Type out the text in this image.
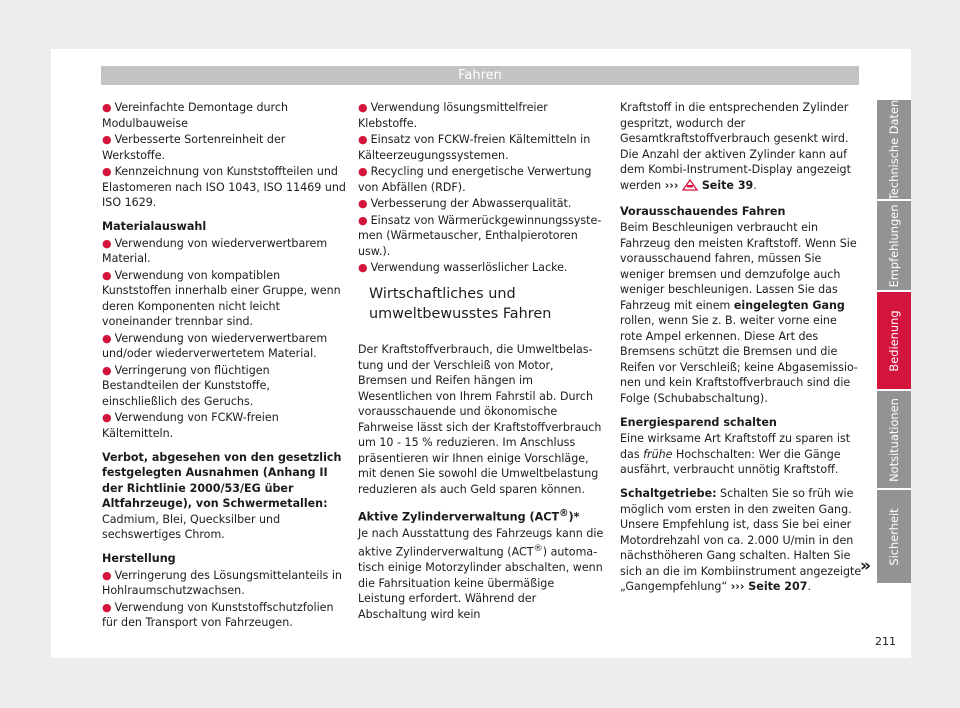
Fahren

● Vereinfachte Demontage durch Modulbauweise

● Verbesserte Sortenreinheit der Werkstoffe.

● Kennzeichnung von Kunststoffteilen und Elastomeren nach ISO 1043, ISO 11469 und ISO 1629.

Materialauswahl

● Verwendung von wiederverwertbarem Material.

● Verwendung von kompatiblen Kunststoffen innerhalb einer Gruppe, wenn deren Komponenten nicht leicht voneinander trennbar sind.

● Verwendung von wiederverwertbarem und/oder wiederverwertetem Material.

● Verringerung von flüchtigen Bestandteilen der Kunststoffe, einschließlich des Geruchs.

● Verwendung von FCKW-freien Kältemitteln.

Verbot, abgesehen von den gesetzlich festgelegten Ausnahmen (Anhang II der Richtlinie 2000/53/EG über Altfahrzeuge), von Schwermetallen: Cadmium, Blei, Quecksilber und sechswertiges Chrom.

Herstellung

● Verringerung des Lösungsmittelanteils in Hohlraumschutzwachsen.

● Verwendung von Kunststoffschutzfolien für den Transport von Fahrzeugen.

● Verwendung lösungsmittelfreier Klebstoffe.

● Einsatz von FCKW-freien Kältemitteln in Kälteerzeugungssystemen.

● Recycling und energetische Verwertung von Abfällen (RDF).

● Verbesserung der Abwasserqualität.

● Einsatz von Wärmerückgewinnungssystemen (Wärmetauscher, Enthalpierotoren usw.).

● Verwendung wasserlöslicher Lacke.

Wirtschaftliches und umweltbewusstes Fahren

Der Kraftstoffverbrauch, die Umweltbelastung und der Verschleiß von Motor, Bremsen und Reifen hängen im Wesentlichen von Ihrem Fahrstil ab. Durch vorausschauende und ökonomische Fahrweise lässt sich der Kraftstoffverbrauch um 10 - 15 % reduzieren. Im Anschluss präsentieren wir Ihnen einige Vorschläge, mit denen Sie sowohl die Umweltbelastung reduzieren als auch Geld sparen können.

Aktive Zylinderverwaltung (ACT®)*

Je nach Ausstattung des Fahrzeugs kann die aktive Zylinderverwaltung (ACT®) automatisch einige Motorzylinder abschalten, wenn die Fahrsituation keine übermäßige Leistung erfordert. Während der Abschaltung wird kein

Kraftstoff in die entsprechenden Zylinder gespritzt, wodurch der Gesamtkraftstoffverbrauch gesenkt wird. Die Anzahl der aktiven Zylinder kann auf dem Kombi-Instrument-Display angezeigt werden ›››  Seite 39.

Vorausschauendes Fahren

Beim Beschleunigen verbraucht ein Fahrzeug den meisten Kraftstoff. Wenn Sie vorausschauend fahren, müssen Sie weniger bremsen und demzufolge auch weniger beschleunigen. Lassen Sie das Fahrzeug mit einem eingelegten Gang rollen, wenn Sie z. B. weiter vorne eine rote Ampel erkennen. Diese Art des Bremsens schützt die Bremsen und die Reifen vor Verschleiß; keine Abgasemissionen und kein Kraftstoffverbrauch sind die Folge (Schubabschaltung).

Energiesparend schalten

Eine wirksame Art Kraftstoff zu sparen ist das frühe Hochschalten: Wer die Gänge ausfährt, verbraucht unnötig Kraftstoff.

Schaltgetriebe: Schalten Sie so früh wie möglich vom ersten in den zweiten Gang. Unsere Empfehlung ist, dass Sie bei einer Motordrehzahl von ca. 2.000 U/min in den nächsthöheren Gang schalten. Halten Sie sich an die im Kombiinstrument angezeigte „Gangempfehlung“ ››› Seite 207.

Technische Daten
Empfehlungen
Bedienung
Notsituationen
Sicherheit
»
211
